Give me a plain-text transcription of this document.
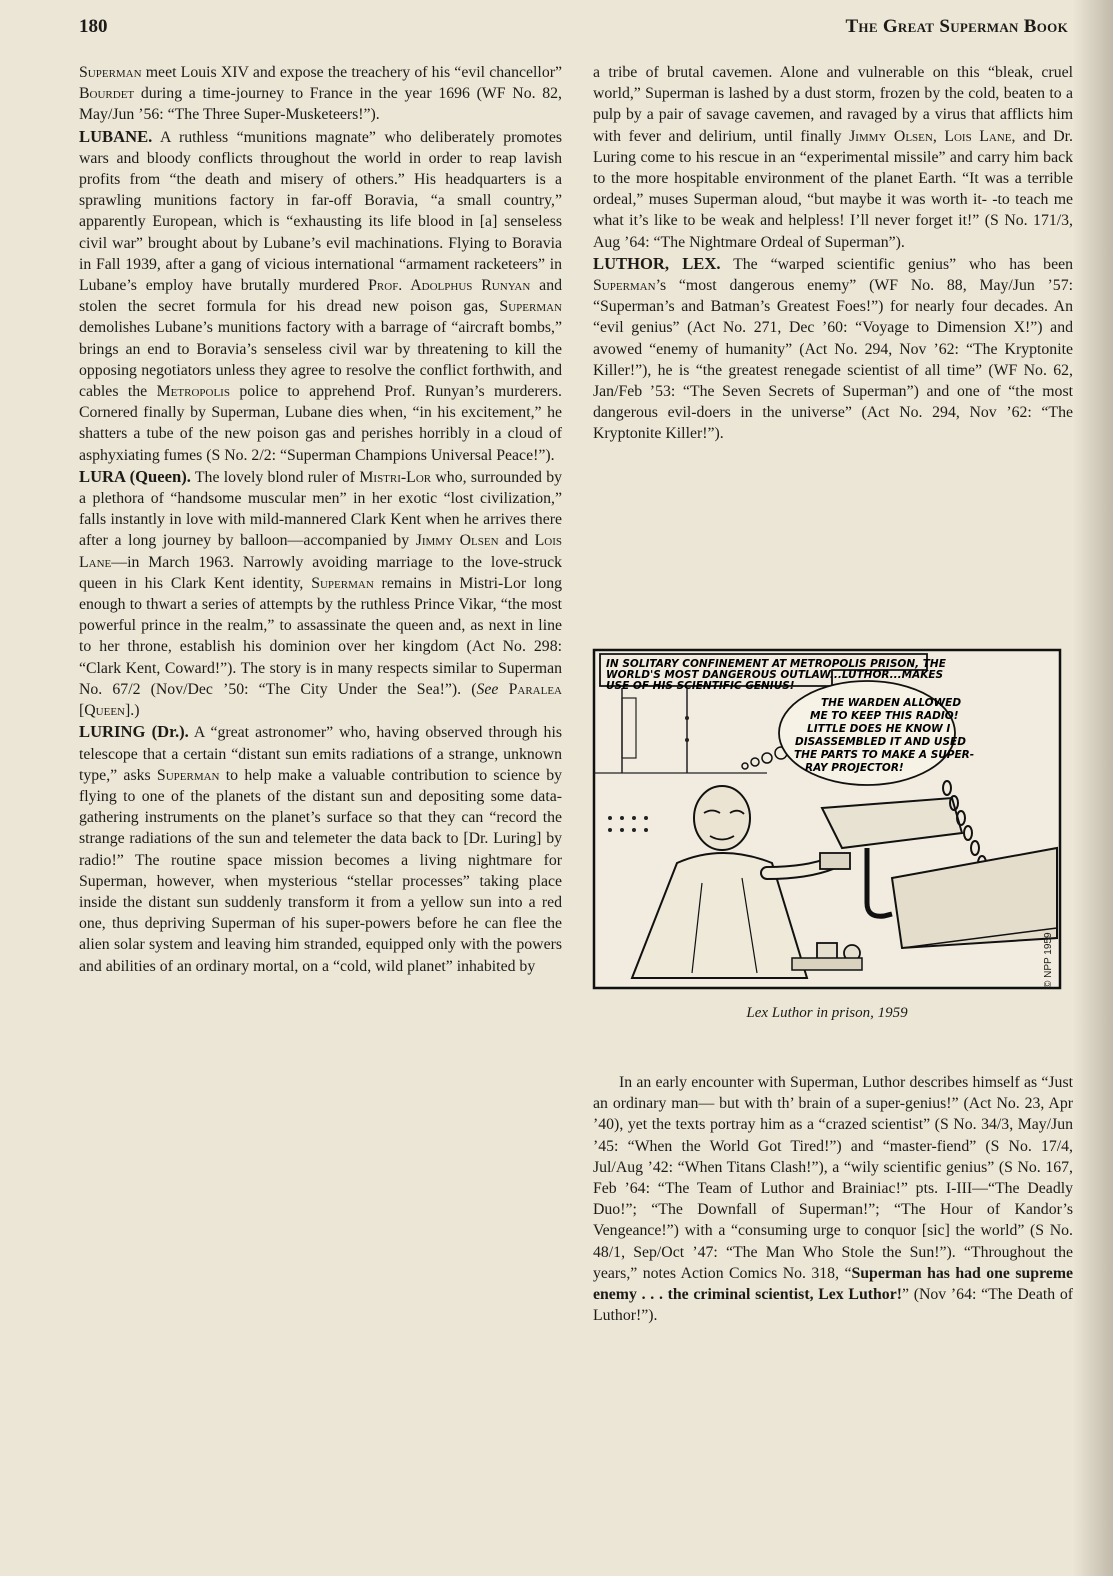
180	The Great Superman Book

Superman meet Louis XIV and expose the treachery of his “evil chancellor” Bourdet during a time-journey to France in the year 1696 (WF No. 82, May/Jun ’56: “The Three Super-Musketeers!”).

LUBANE. A ruthless “munitions magnate” who deliberately promotes wars and bloody conflicts throughout the world in order to reap lavish profits from “the death and misery of others.” His headquarters is a sprawling munitions factory in far-off Boravia, “a small country,” apparently European, which is “exhausting its life blood in [a] senseless civil war” brought about by Lubane’s evil machinations. Flying to Boravia in Fall 1939, after a gang of vicious international “armament racketeers” in Lubane’s employ have brutally murdered Prof. Adolphus Runyan and stolen the secret formula for his dread new poison gas, Superman demolishes Lubane’s munitions factory with a barrage of “aircraft bombs,” brings an end to Boravia’s senseless civil war by threatening to kill the opposing negotiators unless they agree to resolve the conflict forthwith, and cables the Metropolis police to apprehend Prof. Runyan’s murderers. Cornered finally by Superman, Lubane dies when, “in his excitement,” he shatters a tube of the new poison gas and perishes horribly in a cloud of asphyxiating fumes (S No. 2/2: “Superman Champions Universal Peace!”).

LURA (Queen). The lovely blond ruler of Mistri-Lor who, surrounded by a plethora of “handsome muscular men” in her exotic “lost civilization,” falls instantly in love with mild-mannered Clark Kent when he arrives there after a long journey by balloon—accompanied by Jimmy Olsen and Lois Lane—in March 1963. Narrowly avoiding marriage to the love-struck queen in his Clark Kent identity, Superman remains in Mistri-Lor long enough to thwart a series of attempts by the ruthless Prince Vikar, “the most powerful prince in the realm,” to assassinate the queen and, as next in line to her throne, establish his dominion over her kingdom (Act No. 298: “Clark Kent, Coward!”). The story is in many respects similar to Superman No. 67/2 (Nov/Dec ’50: “The City Under the Sea!”). (See Paralea [Queen].)

LURING (Dr.). A “great astronomer” who, having observed through his telescope that a certain “distant sun emits radiations of a strange, unknown type,” asks Superman to help make a valuable contribution to science by flying to one of the planets of the distant sun and depositing some data-gathering instruments on the planet’s surface so that they can “record the strange radiations of the sun and telemeter the data back to [Dr. Luring] by radio!” The routine space mission becomes a living nightmare for Superman, however, when mysterious “stellar processes” taking place inside the distant sun suddenly transform it from a yellow sun into a red one, thus depriving Superman of his super-powers before he can flee the alien solar system and leaving him stranded, equipped only with the powers and abilities of an ordinary mortal, on a “cold, wild planet” inhabited by

a tribe of brutal cavemen. Alone and vulnerable on this “bleak, cruel world,” Superman is lashed by a dust storm, frozen by the cold, beaten to a pulp by a pair of savage cavemen, and ravaged by a virus that afflicts him with fever and delirium, until finally Jimmy Olsen, Lois Lane, and Dr. Luring come to his rescue in an “experimental missile” and carry him back to the more hospitable environment of the planet Earth. “It was a terrible ordeal,” muses Superman aloud, “but maybe it was worth it- -to teach me what it’s like to be weak and helpless! I’ll never forget it!” (S No. 171/3, Aug ’64: “The Nightmare Ordeal of Superman”).

LUTHOR, LEX. The “warped scientific genius” who has been Superman’s “most dangerous enemy” (WF No. 88, May/Jun ’57: “Superman’s and Batman’s Greatest Foes!”) for nearly four decades. An “evil genius” (Act No. 271, Dec ’60: “Voyage to Dimension X!”) and avowed “enemy of humanity” (Act No. 294, Nov ’62: “The Kryptonite Killer!”), he is “the greatest renegade scientist of all time” (WF No. 62, Jan/Feb ’53: “The Seven Secrets of Superman”) and one of “the most dangerous evil-doers in the universe” (Act No. 294, Nov ’62: “The Kryptonite Killer!”).

IN SOLITARY CONFINEMENT AT METROPOLIS PRISON, THE
WORLD'S MOST DANGEROUS OUTLAW...LUTHOR...MAKES
USE OF HIS SCIENTIFIC GENIUS!
THE WARDEN ALLOWED
ME TO KEEP THIS RADIO!
LITTLE DOES HE KNOW I
DISASSEMBLED IT AND USED
THE PARTS TO MAKE A SUPER-
RAY PROJECTOR!
© NPP 1959
Lex Luthor in prison, 1959

In an early encounter with Superman, Luthor describes himself as “Just an ordinary man— but with th’ brain of a super-genius!” (Act No. 23, Apr ’40), yet the texts portray him as a “crazed scientist” (S No. 34/3, May/Jun ’45: “When the World Got Tired!”) and “master-fiend” (S No. 17/4, Jul/Aug ’42: “When Titans Clash!”), a “wily scientific genius” (S No. 167, Feb ’64: “The Team of Luthor and Brainiac!” pts. I-III—“The Deadly Duo!”; “The Downfall of Superman!”; “The Hour of Kandor’s Vengeance!”) with a “consuming urge to conquor [sic] the world” (S No. 48/1, Sep/Oct ’47: “The Man Who Stole the Sun!”). “Throughout the years,” notes Action Comics No. 318, “Superman has had one supreme enemy . . . the criminal scientist, Lex Luthor!” (Nov ’64: “The Death of Luthor!”).
